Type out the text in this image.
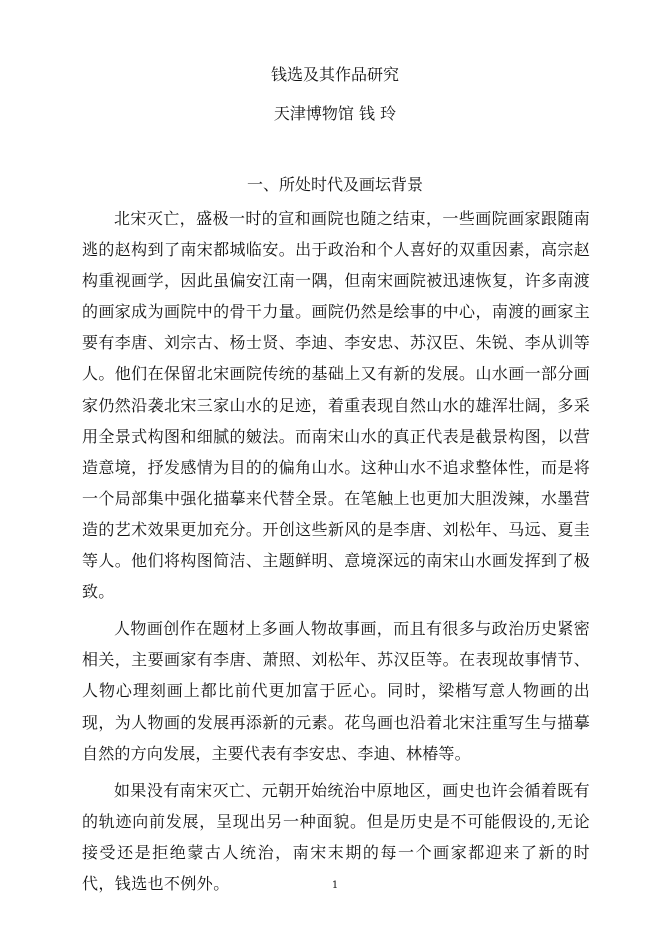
钱选及其作品研究
天津博物馆 钱 玲
一、所处时代及画坛背景

北宋灭亡，盛极一时的宣和画院也随之结束，一些画院画家跟随南逃的赵构到了南宋都城临安。出于政治和个人喜好的双重因素，高宗赵构重视画学，因此虽偏安江南一隅，但南宋画院被迅速恢复，许多南渡的画家成为画院中的骨干力量。画院仍然是绘事的中心，南渡的画家主要有李唐、刘宗古、杨士贤、李迪、李安忠、苏汉臣、朱锐、李从训等人。他们在保留北宋画院传统的基础上又有新的发展。山水画一部分画家仍然沿袭北宋三家山水的足迹，着重表现自然山水的雄浑壮阔，多采用全景式构图和细腻的皴法。而南宋山水的真正代表是截景构图，以营造意境，抒发感情为目的的偏角山水。这种山水不追求整体性，而是将一个局部集中强化描摹来代替全景。在笔触上也更加大胆泼辣，水墨营造的艺术效果更加充分。开创这些新风的是李唐、刘松年、马远、夏圭等人。他们将构图简洁、主题鲜明、意境深远的南宋山水画发挥到了极致。

人物画创作在题材上多画人物故事画，而且有很多与政治历史紧密相关，主要画家有李唐、萧照、刘松年、苏汉臣等。在表现故事情节、人物心理刻画上都比前代更加富于匠心。同时，梁楷写意人物画的出现，为人物画的发展再添新的元素。花鸟画也沿着北宋注重写生与描摹自然的方向发展，主要代表有李安忠、李迪、林椿等。

如果没有南宋灭亡、元朝开始统治中原地区，画史也许会循着既有的轨迹向前发展，呈现出另一种面貌。但是历史是不可能假设的,无论接受还是拒绝蒙古人统治，南宋末期的每一个画家都迎来了新的时代，钱选也不例外。	1
